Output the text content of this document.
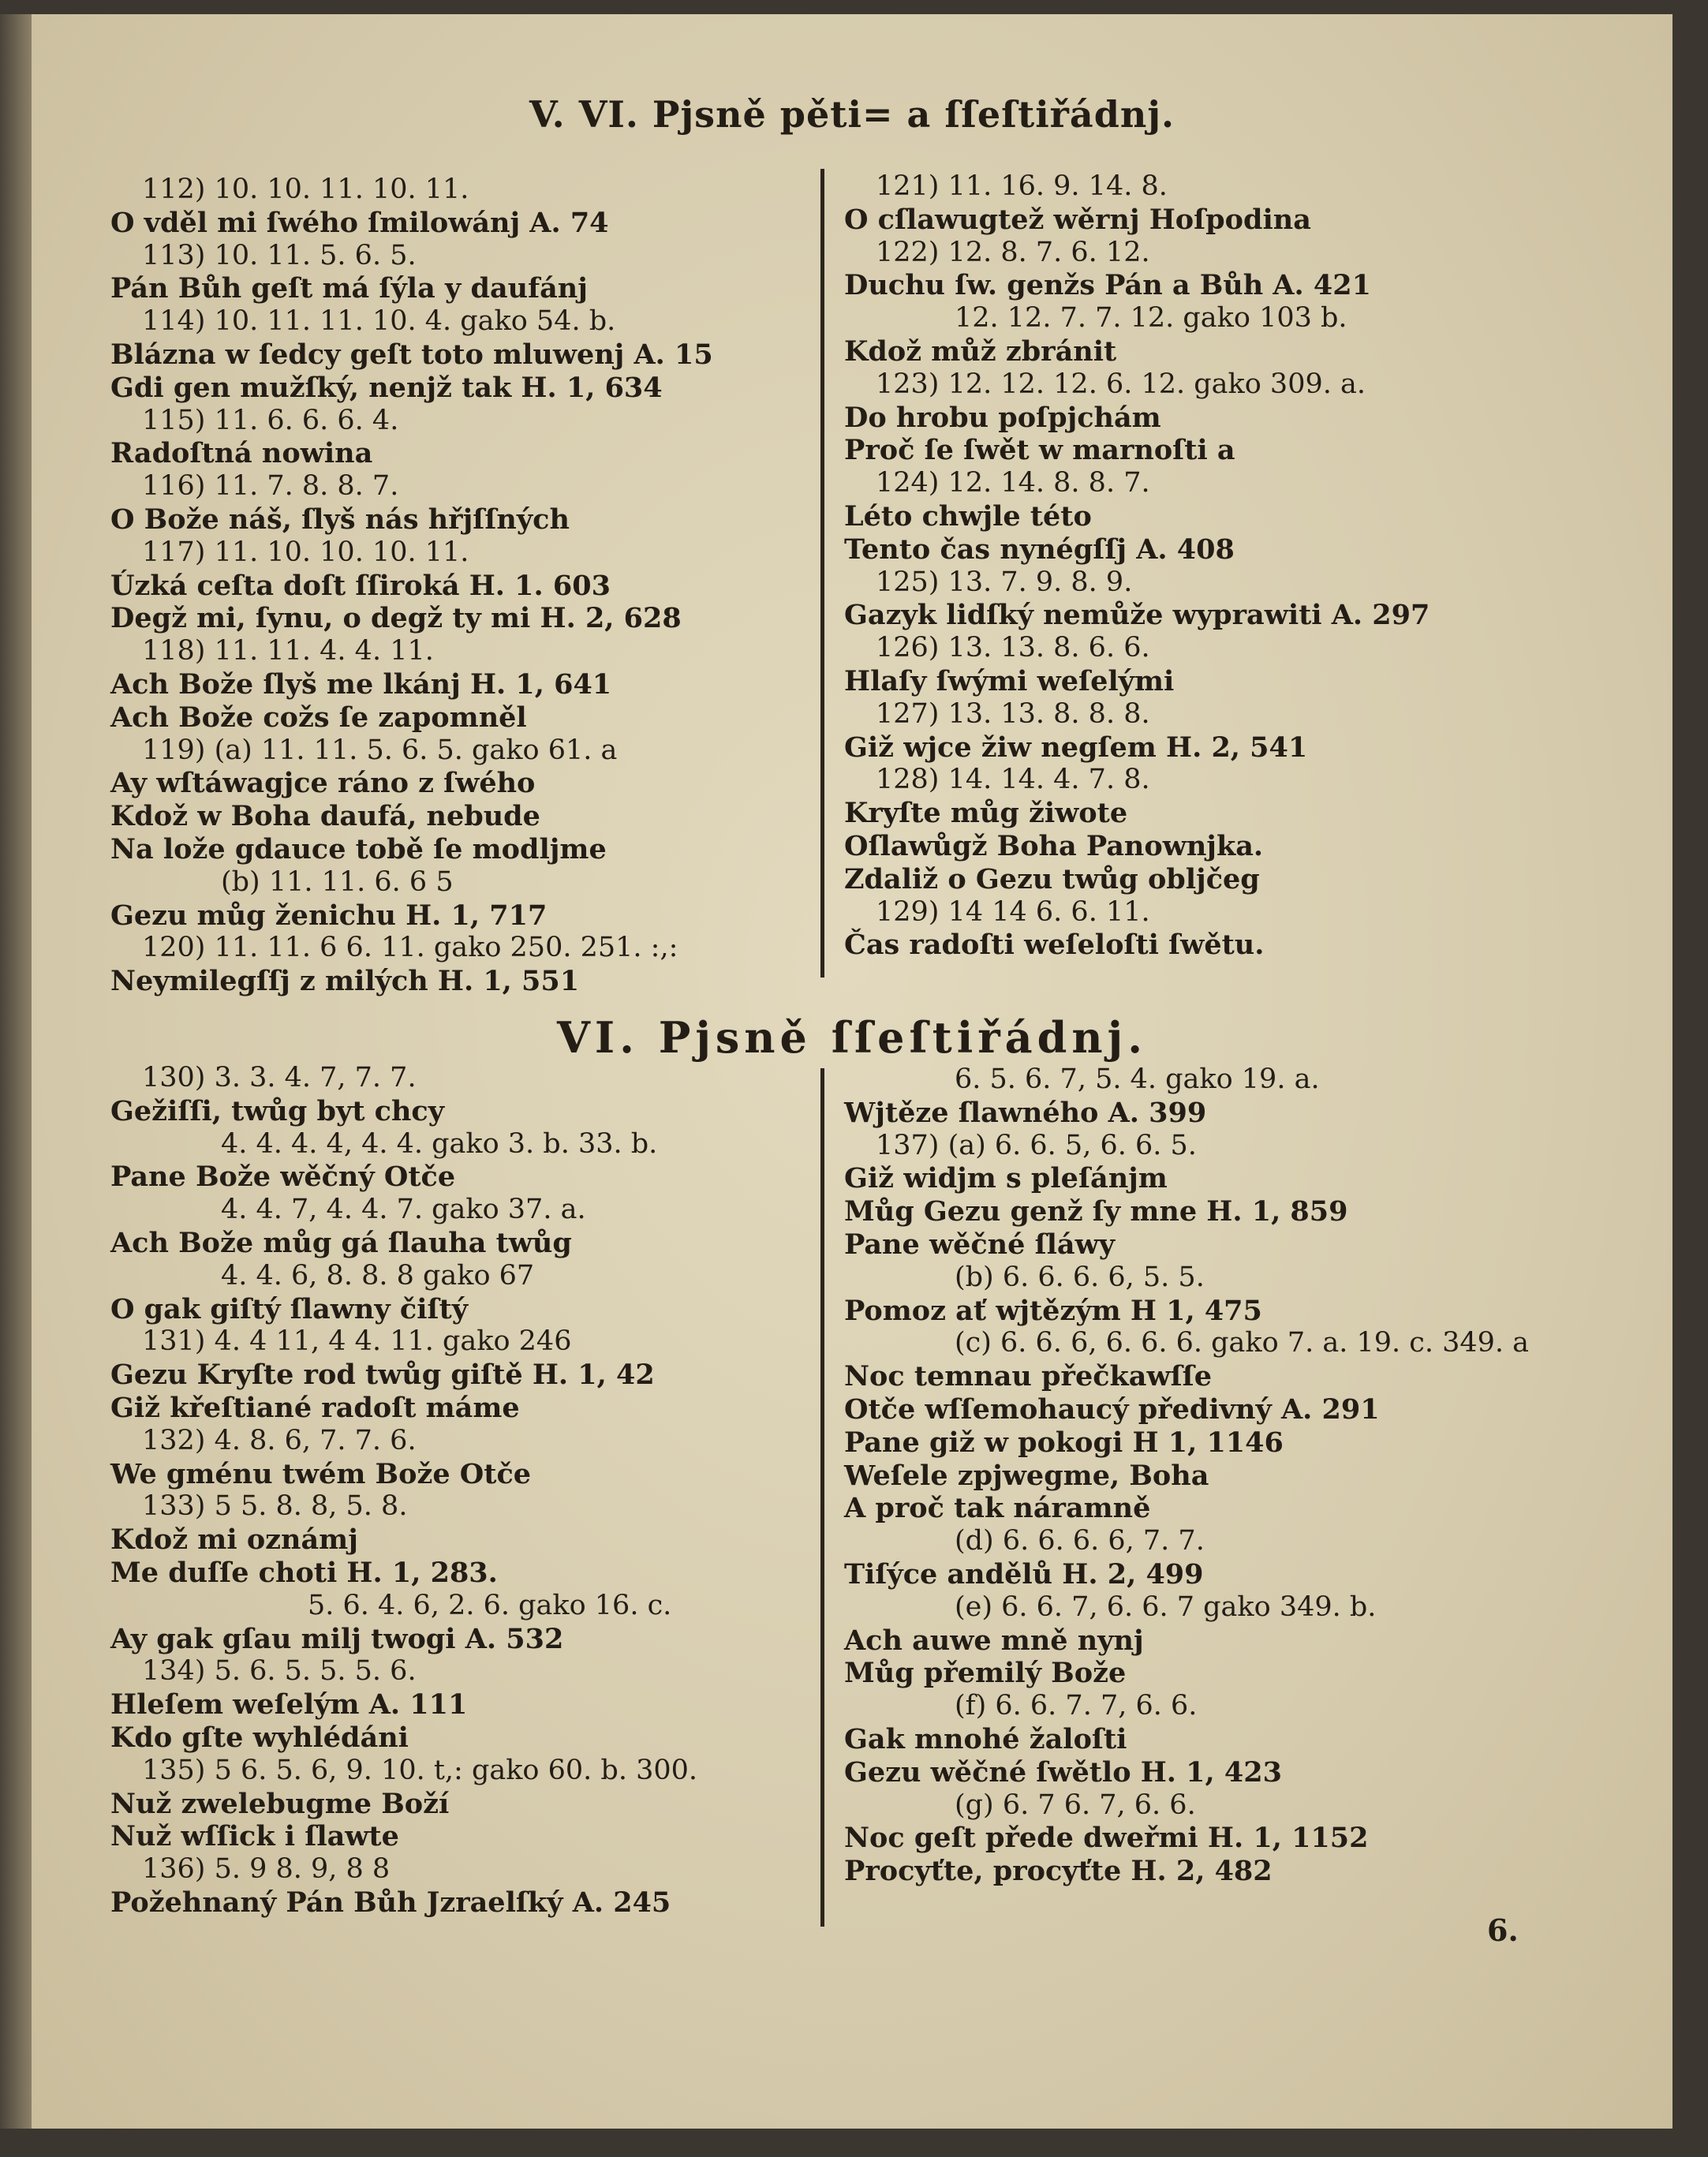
V. VI. Pjsně pěti= a ſſeſtiřádnj.
112) 10. 10. 11. 10. 11.
O vděl mi ſwého ſmilowánj A. 74
113) 10. 11. 5. 6. 5.
Pán Bůh geſt má ſýla y daufánj
114) 10. 11. 11. 10. 4. gako 54. b.
Blázna w ſedcy geſt toto mluwenj A. 15
Gdi gen mužſký, nenjž tak H. 1, 634
115) 11. 6. 6. 6. 4.
Radoſtná nowina
116) 11. 7. 8. 8. 7.
O Bože náš, ſlyš nás hřjſſných
117) 11. 10. 10. 10. 11.
Úzká ceſta doſt ſſiroká H. 1. 603
Degž mi, ſynu, o degž ty mi H. 2, 628
118) 11. 11. 4. 4. 11.
Ach Bože ſlyš me lkánj H. 1, 641
Ach Bože cožs ſe zapomněl
119) (a) 11. 11. 5. 6. 5. gako 61. a
Ay wſtáwagjce ráno z ſwého
Kdož w Boha daufá, nebude
Na lože gdauce tobě ſe modljme
(b) 11. 11. 6. 6 5
Gezu můg ženichu H. 1, 717
120) 11. 11. 6 6. 11. gako 250. 251. :,:
Neymilegſſj z milých H. 1, 551
121) 11. 16. 9. 14. 8.
O cſlawugtež wěrnj Hoſpodina
122) 12. 8. 7. 6. 12.
Duchu ſw. genžs Pán a Bůh A. 421
12. 12. 7. 7. 12. gako 103 b.
Kdož můž zbránit
123) 12. 12. 12. 6. 12. gako 309. a.
Do hrobu poſpjchám
Proč ſe ſwět w marnoſti a
124) 12. 14. 8. 8. 7.
Léto chwjle této
Tento čas nynégſſj A. 408
125) 13. 7. 9. 8. 9.
Gazyk lidſký nemůže wyprawiti A. 297
126) 13. 13. 8. 6. 6.
Hlaſy ſwými weſelými
127) 13. 13. 8. 8. 8.
Giž wjce žiw negſem H. 2, 541
128) 14. 14. 4. 7. 8.
Kryſte můg žiwote
Oſlawůgž Boha Panownjka.
Zdaliž o Gezu twůg oblјčeg
129) 14 14 6. 6. 11.
Čas radoſti weſeloſti ſwětu.
VI. Pjsně ſſeſtiřádnj.
130) 3. 3. 4. 7, 7. 7.
Gežiſſi, twůg byt chcy
4. 4. 4. 4, 4. 4. gako 3. b. 33. b.
Pane Bože wěčný Otče
4. 4. 7, 4. 4. 7. gako 37. a.
Ach Bože můg gá ſlauha twůg
4. 4. 6, 8. 8. 8 gako 67
O gak giſtý ſlawny čiſtý
131) 4. 4 11, 4 4. 11. gako 246
Gezu Kryſte rod twůg giſtě H. 1, 42
Giž křeſtiané radoſt máme
132) 4. 8. 6, 7. 7. 6.
We gménu twém Bože Otče
133) 5 5. 8. 8, 5. 8.
Kdož mi oznámj
Me duſſe choti H. 1, 283.
5. 6. 4. 6, 2. 6. gako 16. c.
Ay gak gſau milj twogi A. 532
134) 5. 6. 5. 5. 5. 6.
Hleſem weſelým A. 111
Kdo gſte wyhlédáni
135) 5 6. 5. 6, 9. 10. t,: gako 60. b. 300.
Nuž zwelebugme Boží
Nuž wſſick i ſlawte
136) 5. 9 8. 9, 8 8
Požehnaný Pán Bůh Jzraelſký A. 245
6. 5. 6. 7, 5. 4. gako 19. a.
Wjtěze ſlawného A. 399
137) (a) 6. 6. 5, 6. 6. 5.
Giž widjm s pleſánjm
Můg Gezu genž ſy mne H. 1, 859
Pane wěčné ſláwy
(b) 6. 6. 6. 6, 5. 5.
Pomoz ať wjtězým H 1, 475
(c) 6. 6. 6, 6. 6. 6. gako 7. a. 19. c. 349. a
Noc temnau přečkawſſe
Otče wſſemohaucý předivný A. 291
Pane giž w pokogi H 1, 1146
Weſele zpjwegme, Boha
A proč tak náramně
(d) 6. 6. 6. 6, 7. 7.
Tiſýce andělů H. 2, 499
(e) 6. 6. 7, 6. 6. 7 gako 349. b.
Ach auwe mně nynj
Můg přemilý Bože
(f) 6. 6. 7. 7, 6. 6.
Gak mnohé žaloſti
Gezu wěčné ſwětlo H. 1, 423
(g) 6. 7 6. 7, 6. 6.
Noc geſt přede dweřmi H. 1, 1152
Procyťte, procyťte H. 2, 482
6.
